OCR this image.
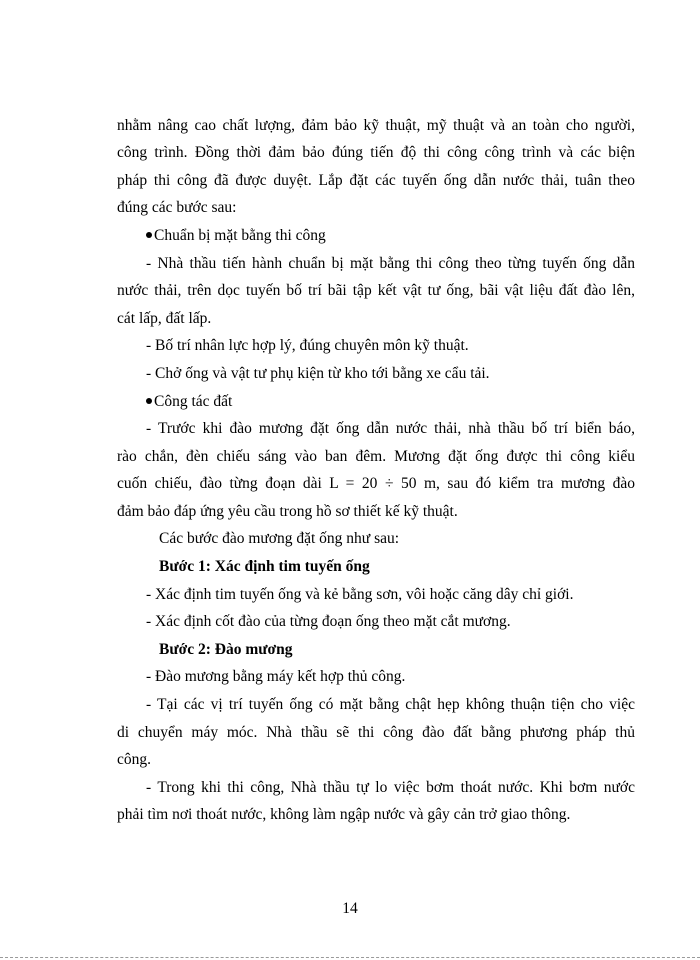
nhằm nâng cao chất lượng, đảm bảo kỹ thuật, mỹ thuật và an toàn cho người,
công trình. Đồng thời đảm bảo đúng tiến độ thi công công trình và các biện
pháp thi công đã được duyệt. Lắp đặt các tuyến ống dẫn nước thải, tuân theo
đúng các bước sau:
Chuẩn bị mặt bằng thi công
- Nhà thầu tiến hành chuẩn bị mặt bằng thi công theo từng tuyến ống dẫn
nước thải, trên dọc tuyến bố trí bãi tập kết vật tư ống, bãi vật liệu đất đào lên,
cát lấp, đất lấp.
- Bố trí nhân lực hợp lý, đúng chuyên môn kỹ thuật.
- Chở ống và vật tư phụ kiện từ kho tới bằng xe cẩu tải.
Công tác đất
- Trước khi đào mương đặt ống dẫn nước thải, nhà thầu bố trí biển báo,
rào chắn, đèn chiếu sáng vào ban đêm. Mương đặt ống được thi công kiểu
cuốn chiếu, đào từng đoạn dài L = 20 ÷ 50 m, sau đó kiểm tra mương đào
đảm bảo đáp ứng yêu cầu trong hồ sơ thiết kế kỹ thuật.
Các bước đào mương đặt ống như sau:
Bước 1: Xác định tim tuyến ống
- Xác định tim tuyến ống và kẻ bằng sơn, vôi hoặc căng dây chỉ giới.
- Xác định cốt đào của từng đoạn ống theo mặt cắt mương.
Bước 2: Đào mương
- Đào mương bằng máy kết hợp thủ công.
- Tại các vị trí tuyến ống có mặt bằng chật hẹp không thuận tiện cho việc
di chuyển máy móc. Nhà thầu sẽ thi công đào đất bằng phương pháp thủ
công.
- Trong khi thi công, Nhà thầu tự lo việc bơm thoát nước. Khi bơm nước
phải tìm nơi thoát nước, không làm ngập nước và gây cản trở giao thông.
14
